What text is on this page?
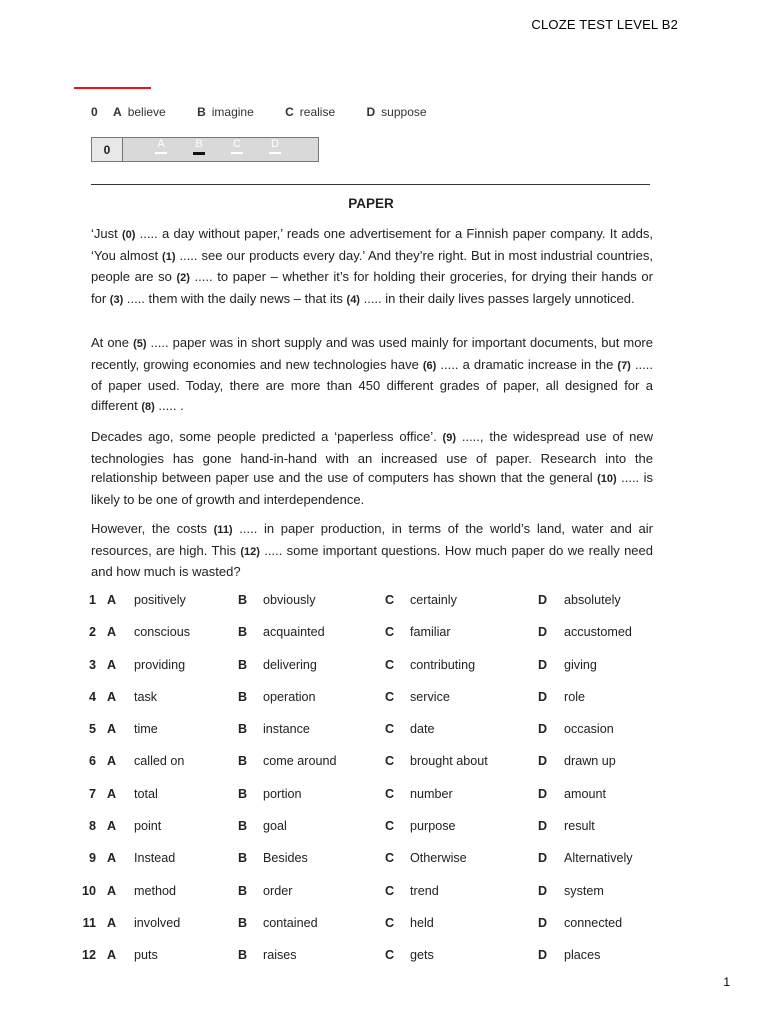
CLOZE TEST LEVEL B2
0 A believe	B imagine	C realise	D suppose
0	A	B	C	D
PAPER
‘Just (0) ..... a day without paper,’ reads one advertisement for a Finnish paper company. It adds, ‘You almost (1) ..... see our products every day.’ And they’re right. But in most industrial countries, people are so (2) ..... to paper – whether it’s for holding their groceries, for drying their hands or for (3) ..... them with the daily news – that its (4) ..... in their daily lives passes largely unnoticed.
At one (5) ..... paper was in short supply and was used mainly for important documents, but more recently, growing economies and new technologies have (6) ..... a dramatic increase in the (7) ..... of paper used. Today, there are more than 450 different grades of paper, all designed for a different (8) ..... .
Decades ago, some people predicted a ‘paperless office’. (9) ....., the widespread use of new technologies has gone hand-in-hand with an increased use of paper. Research into the relationship between paper use and the use of computers has shown that the general (10) ..... is likely to be one of growth and interdependence.
However, the costs (11) ..... in paper production, in terms of the world’s land, water and air resources, are high. This (12) ..... some important questions. How much paper do we really need and how much is wasted?
1 A positively	B obviously	C certainly	D absolutely
2 A conscious	B acquainted	C familiar	D accustomed
3 A providing	B delivering	C contributing	D giving
4 A task	B operation	C service	D role
5 A time	B instance	C date	D occasion
6 A called on	B come around	C brought about	D drawn up
7 A total	B portion	C number	D amount
8 A point	B goal	C purpose	D result
9 A Instead	B Besides	C Otherwise	D Alternatively
10 A method	B order	C trend	D system
11 A involved	B contained	C held	D connected
12 A puts	B raises	C gets	D places
1
